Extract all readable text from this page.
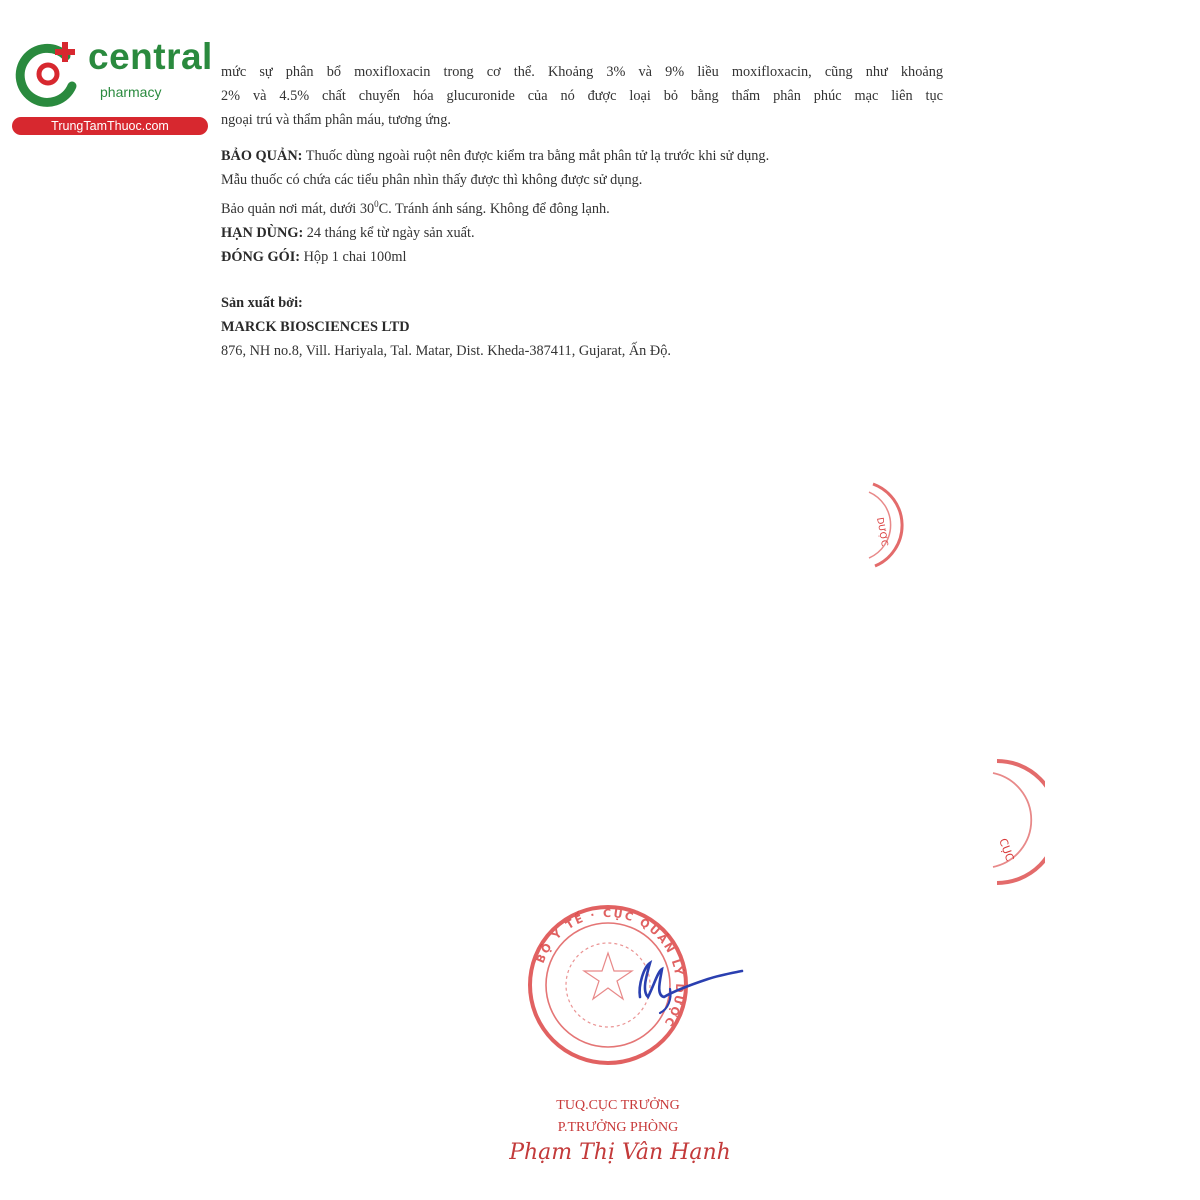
central
pharmacy
TrungTamThuoc.com

mức sự phân bổ moxifloxacin trong cơ thể. Khoảng 3% và 9% liều moxifloxacin, cũng như khoảng

2% và 4.5% chất chuyển hóa glucuronide của nó được loại bỏ bằng thẩm phân phúc mạc liên tục

ngoại trú và thẩm phân máu, tương ứng.

BẢO QUẢN: Thuốc dùng ngoài ruột nên được kiểm tra bằng mắt phân tử lạ trước khi sử dụng.

Mẫu thuốc có chứa các tiểu phân nhìn thấy được thì không được sử dụng.

Bảo quản nơi mát, dưới $30^0C$. Tránh ánh sáng. Không để đông lạnh.

HẠN DÙNG: 24 tháng kể từ ngày sản xuất.

ĐÓNG GÓI: Hộp 1 chai 100ml

Sản xuất bởi:

MARCK BIOSCIENCES LTD

876, NH no.8, Vill. Hariyala, Tal. Matar, Dist. Kheda-387411, Gujarat, Ấn Độ.

DƯỢC
CỤC
BỘ Y TẾ · CỤC QUẢN LÝ DƯỢC
TUQ.CỤC TRƯỞNG
P.TRƯỞNG PHÒNG
Phạm Thị Vân Hạnh
